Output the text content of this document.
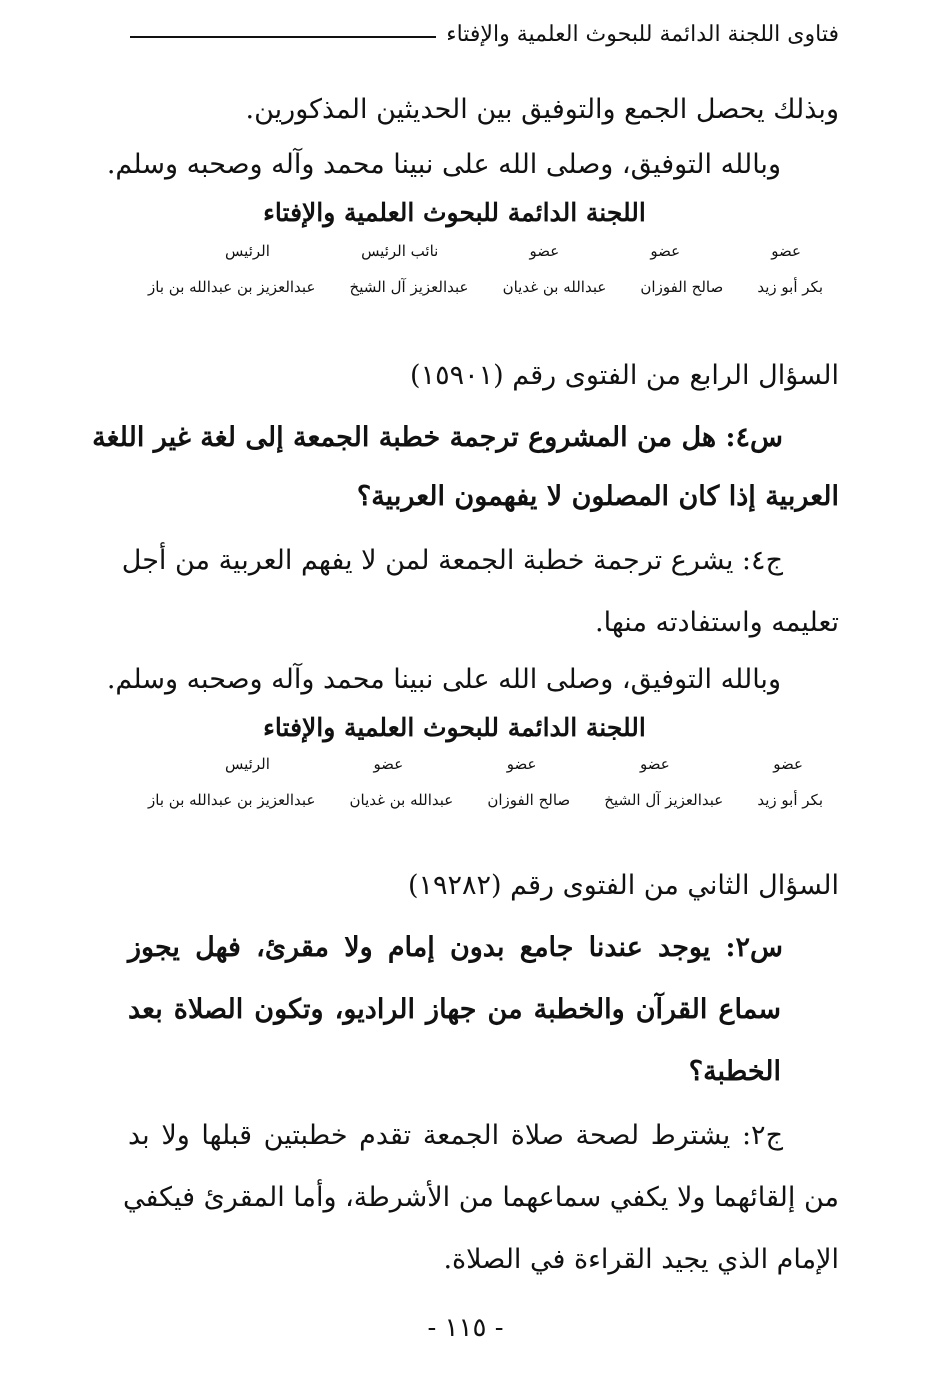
فتاوى اللجنة الدائمة للبحوث العلمية والإفتاء
وبذلك يحصل الجمع والتوفيق بين الحديثين المذكورين.
وبالله التوفيق، وصلى الله على نبينا محمد وآله وصحبه وسلم.
اللجنة الدائمة للبحوث العلمية والإفتاء
عضو
عضو
عضو
نائب الرئيس
الرئيس
بكر أبو زيد
صالح الفوزان
عبدالله بن غديان
عبدالعزيز آل الشيخ
عبدالعزيز بن عبدالله بن باز
السؤال الرابع من الفتوى رقم (١٥٩٠١)
س٤: هل من المشروع ترجمة خطبة الجمعة إلى لغة غير اللغة
العربية إذا كان المصلون لا يفهمون العربية؟
ج٤: يشرع ترجمة خطبة الجمعة لمن لا يفهم العربية من أجل
تعليمه واستفادته منها.
وبالله التوفيق، وصلى الله على نبينا محمد وآله وصحبه وسلم.
اللجنة الدائمة للبحوث العلمية والإفتاء
عضو
عضو
عضو
عضو
الرئيس
بكر أبو زيد
عبدالعزيز آل الشيخ
صالح الفوزان
عبدالله بن غديان
عبدالعزيز بن عبدالله بن باز
السؤال الثاني من الفتوى رقم (١٩٢٨٢)
س٢: يوجد عندنا جامع بدون إمام ولا مقرئ، فهل يجوز
سماع القرآن والخطبة من جهاز الراديو، وتكون الصلاة بعد
الخطبة؟
ج٢: يشترط لصحة صلاة الجمعة تقدم خطبتين قبلها ولا بد
من إلقائهما ولا يكفي سماعهما من الأشرطة، وأما المقرئ فيكفي
الإمام الذي يجيد القراءة في الصلاة.
- ١١٥ -
